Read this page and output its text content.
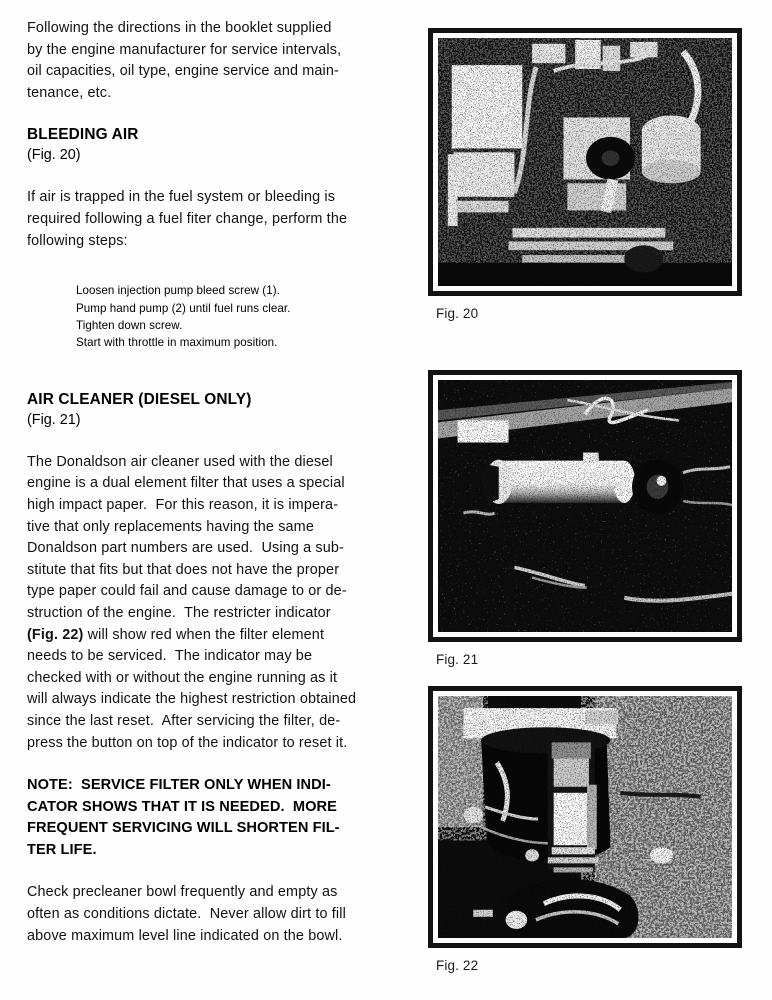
Following the directions in the booklet supplied
by the engine manufacturer for service intervals,
oil capacities, oil type, engine service and main-
tenance, etc.

BLEEDING AIR

(Fig. 20)

If air is trapped in the fuel system or bleeding is
required following a fuel fiter change, perform the
following steps:

Loosen injection pump bleed screw (1).
Pump hand pump (2) until fuel runs clear.
Tighten down screw.
Start with throttle in maximum position.
AIR CLEANER (DIESEL ONLY)

(Fig. 21)

The Donaldson air cleaner used with the diesel
engine is a dual element filter that uses a special
high impact paper.  For this reason, it is impera-
tive that only replacements having the same
Donaldson part numbers are used.  Using a sub-
stitute that fits but that does not have the proper
type paper could fail and cause damage to or de-
struction of the engine.  The restricter indicator
(Fig. 22) will show red when the filter element
needs to be serviced.  The indicator may be
checked with or without the engine running as it
will always indicate the highest restriction obtained
since the last reset.  After servicing the filter, de-
press the button on top of the indicator to reset it.

NOTE:  SERVICE FILTER ONLY WHEN INDI-
CATOR SHOWS THAT IT IS NEEDED.  MORE
FREQUENT SERVICING WILL SHORTEN FIL-
TER LIFE.

Check precleaner bowl frequently and empty as
often as conditions dictate.  Never allow dirt to fill
above maximum level line indicated on the bowl.

Fig. 20
Fig. 21
Fig. 22
